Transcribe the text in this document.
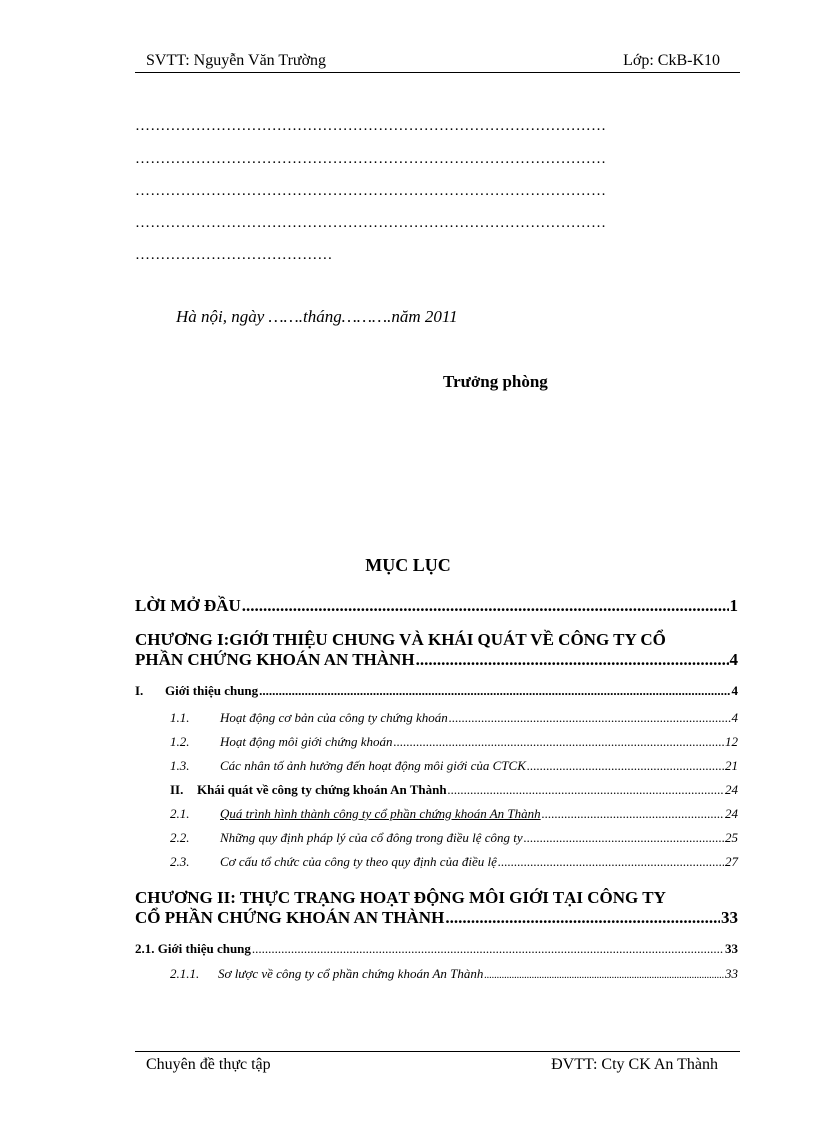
SVTT: Nguyễn Văn Trường	Lớp: CkB-K10
…………………………………………………………………………………
…………………………………………………………………………………
…………………………………………………………………………………
…………………………………………………………………………………
…………………………………
Hà nội, ngày …….tháng……….năm 2011
Trưởng phòng
MỤC LỤC
LỜI MỞ ĐẦU .....	1
CHƯƠNG I:GIỚI THIỆU CHUNG VÀ KHÁI QUÁT VỀ CÔNG TY CỔ
PHẦN CHỨNG KHOÁN AN THÀNH .....	4
I.	Giới thiệu chung .....	4
1.1.	Hoạt động cơ bản của công ty chứng khoán .....	4
1.2.	Hoạt động môi giới chứng khoán .....	12
1.3.	Các nhân tố ảnh hưởng đến hoạt động môi giới của CTCK .....	21
II.	Khái quát về công ty chứng khoán An Thành .....	24
2.1.	Quá trình hình thành công ty cổ phần chứng khoán An Thành .....	24
2.2.	Những quy định pháp lý của cổ đông trong điều lệ công ty .....	25
2.3.	Cơ cấu tổ chức của công ty theo quy định của điều lệ .....	27
CHƯƠNG II: THỰC TRẠNG HOẠT ĐỘNG MÔI GIỚI TẠI CÔNG TY
CỔ PHẦN CHỨNG KHOÁN AN THÀNH .....	33
2.1. Giới thiệu chung .....	33
2.1.1.	Sơ lược về công ty cổ phần chứng khoán An Thành .....	33
Chuyên đề thực tập	ĐVTT: Cty CK An Thành
